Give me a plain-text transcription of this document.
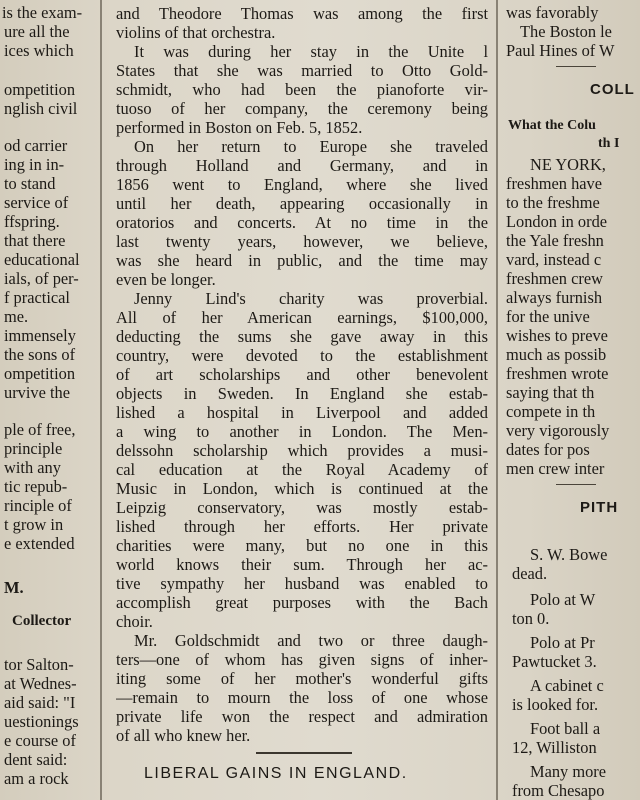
is the exam-
ure all the
ices which
ompetition
nglish civil
od carrier
ing in in-
to stand
service of
ffspring.
that there
educational
ials, of per-
f practical
me.
immensely
the sons of
ompetition
urvive the
ple of free,
principle
with any
tic repub-
rinciple of
t grow in
e extended
M.
Collector
tor Salton-
at Wednes-
aid said: "I
uestionings
e course of
dent said:
am a rock
and Theodore Thomas was among the first
violins of that orchestra.
It was during her stay in the Unite l
States that she was married to Otto Gold-
schmidt, who had been the pianoforte vir-
tuoso of her company, the ceremony being
performed in Boston on Feb. 5, 1852.
On her return to Europe she traveled
through Holland and Germany, and in
1856 went to England, where she lived
until her death, appearing occasionally in
oratorios and concerts. At no time in the
last twenty years, however, we believe,
was she heard in public, and the time may
even be longer.
Jenny Lind's charity was proverbial.
All of her American earnings, $100,000,
deducting the sums she gave away in this
country, were devoted to the establishment
of art scholarships and other benevolent
objects in Sweden. In England she estab-
lished a hospital in Liverpool and added
a wing to another in London. The Men-
delssohn scholarship which provides a musi-
cal education at the Royal Academy of
Music in London, which is continued at the
Leipzig conservatory, was mostly estab-
lished through her efforts. Her private
charities were many, but no one in this
world knows their sum. Through her ac-
tive sympathy her husband was enabled to
accomplish great purposes with the Bach
choir.
Mr. Goldschmidt and two or three daugh-
ters—one of whom has given signs of inher-
iting some of her mother's wonderful gifts
—remain to mourn the loss of one whose
private life won the respect and admiration
of all who knew her.
LIBERAL GAINS IN ENGLAND.
was favorably
The Boston le
Paul Hines of W
COLL
What the Colu
th I
NE YORK,
freshmen have
to the freshme
London in orde
the Yale freshn
vard, instead c
freshmen crew
always furnish
for the unive
wishes to preve
much as possib
freshmen wrote
saying that th
compete in th
very vigorously
dates for pos
men crew inter
PITH
S. W. Bowe
dead.
Polo at W
ton 0.
Polo at Pr
Pawtucket 3.
A cabinet c
is looked for.
Foot ball a
12, Williston
Many more
from Chesapo
